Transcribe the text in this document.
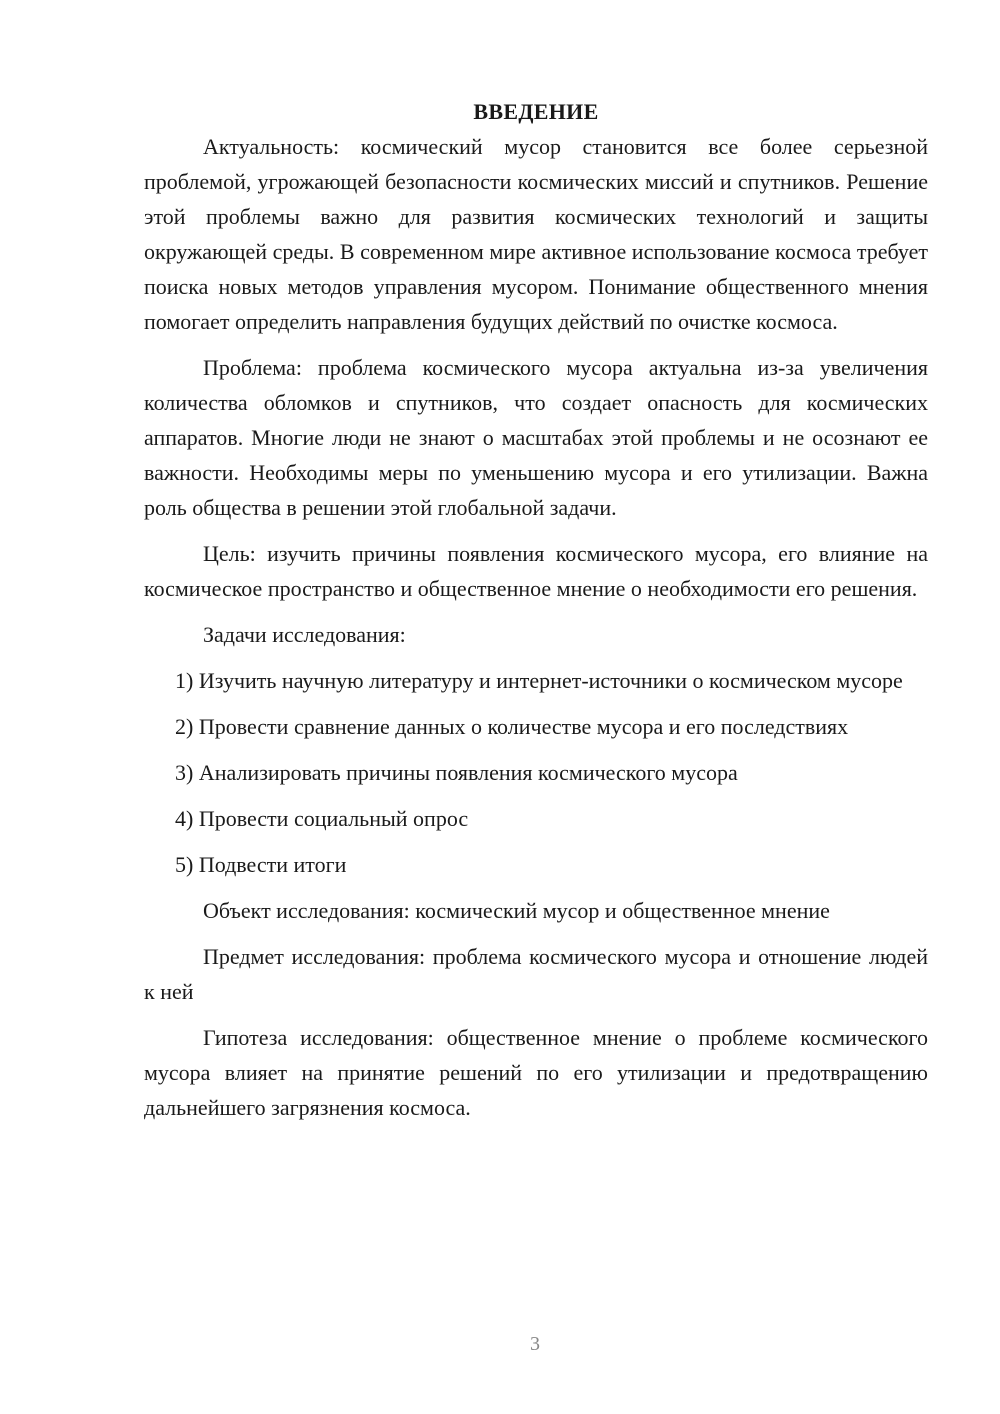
ВВЕДЕНИЕ

Актуальность: космический мусор становится все более серьезной проблемой, угрожающей безопасности космических миссий и спутников. Решение этой проблемы важно для развития космических технологий и защиты окружающей среды. В современном мире активное использование космоса требует поиска новых методов управления мусором. Понимание общественного мнения помогает определить направления будущих действий по очистке космоса.

Проблема: проблема космического мусора актуальна из-за увеличения количества обломков и спутников, что создает опасность для космических аппаратов. Многие люди не знают о масштабах этой проблемы и не осознают ее важности. Необходимы меры по уменьшению мусора и его утилизации. Важна роль общества в решении этой глобальной задачи.

Цель: изучить причины появления космического мусора, его влияние на космическое пространство и общественное мнение о необходимости его решения.

Задачи исследования:

1) Изучить научную литературу и интернет-источники о космическом мусоре

2) Провести сравнение данных о количестве мусора и его последствиях

3) Анализировать причины появления космического мусора

4) Провести социальный опрос

5) Подвести итоги

Объект исследования: космический мусор и общественное мнение

Предмет исследования: проблема космического мусора и отношение людей к ней

Гипотеза исследования: общественное мнение о проблеме космического мусора влияет на принятие решений по его утилизации и предотвращению дальнейшего загрязнения космоса.

3
